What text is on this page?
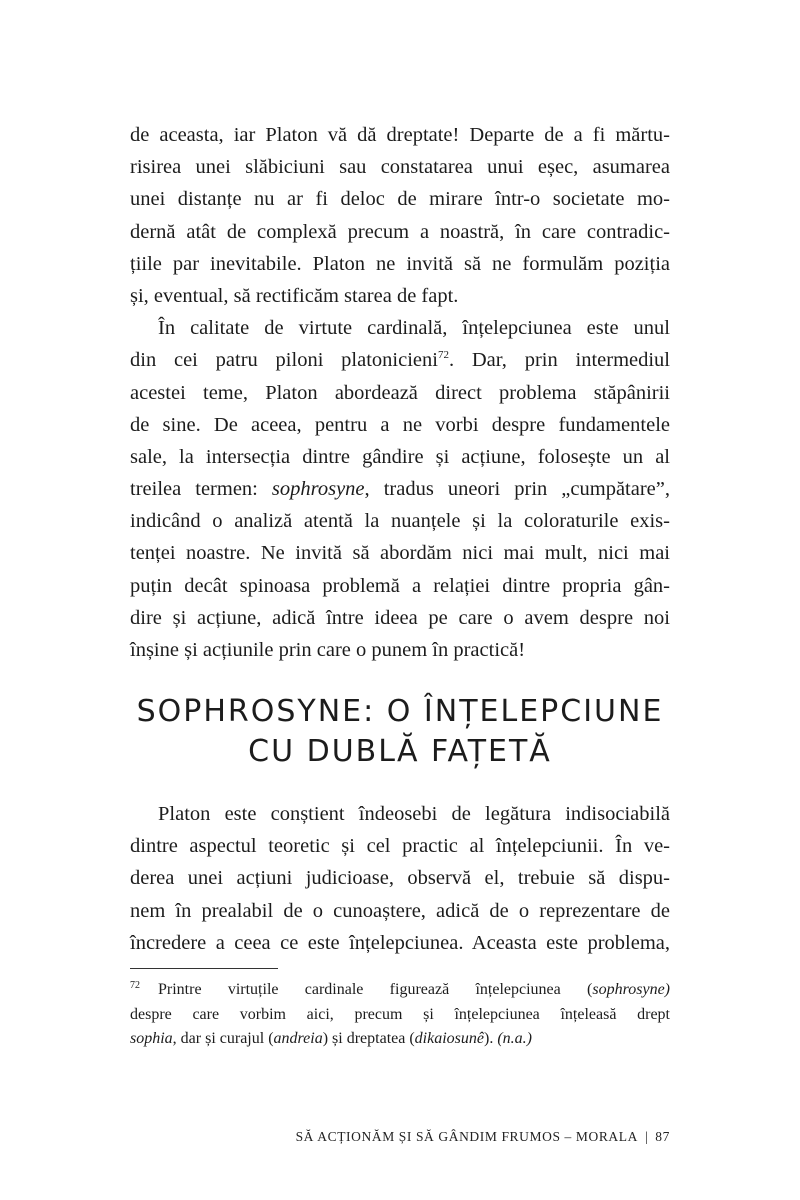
de aceasta, iar Platon vă dă dreptate! Departe de a fi mărtu-
risirea unei slăbiciuni sau constatarea unui eșec, asumarea
unei distanțe nu ar fi deloc de mirare într-o societate mo-
dernă atât de complexă precum a noastră, în care contradic-
țiile par inevitabile. Platon ne invită să ne formulăm poziția
și, eventual, să rectificăm starea de fapt.
În calitate de virtute cardinală, înțelepciunea este unul
din cei patru piloni platonicieni$^{72}$. Dar, prin intermediul
acestei teme, Platon abordează direct problema stăpânirii
de sine. De aceea, pentru a ne vorbi despre fundamentele
sale, la intersecția dintre gândire și acțiune, folosește un al
treilea termen: sophrosyne, tradus uneori prin „cumpătare”,
indicând o analiză atentă la nuanțele și la coloraturile exis-
tenței noastre. Ne invită să abordăm nici mai mult, nici mai
puțin decât spinoasa problemă a relației dintre propria gân-
dire și acțiune, adică între ideea pe care o avem despre noi
înșine și acțiunile prin care o punem în practică!
SOPHROSYNE: O ÎNȚELEPCIUNE
CU DUBLĂ FAȚETĂ
Platon este conștient îndeosebi de legătura indisociabilă
dintre aspectul teoretic și cel practic al înțelepciunii. În ve-
derea unei acțiuni judicioase, observă el, trebuie să dispu-
nem în prealabil de o cunoaștere, adică de o reprezentare de
încredere a ceea ce este înțelepciunea. Aceasta este problema,
$^{72}$ Printre virtuțile cardinale figurează înțelepciunea (sophrosyne)
despre care vorbim aici, precum și înțelepciunea înțeleasă drept
sophia, dar și curajul (andreia) și dreptatea (dikaiosunê). (n.a.)
SĂ ACȚIONĂM ȘI SĂ GÂNDIM FRUMOS – MORALA | 87
